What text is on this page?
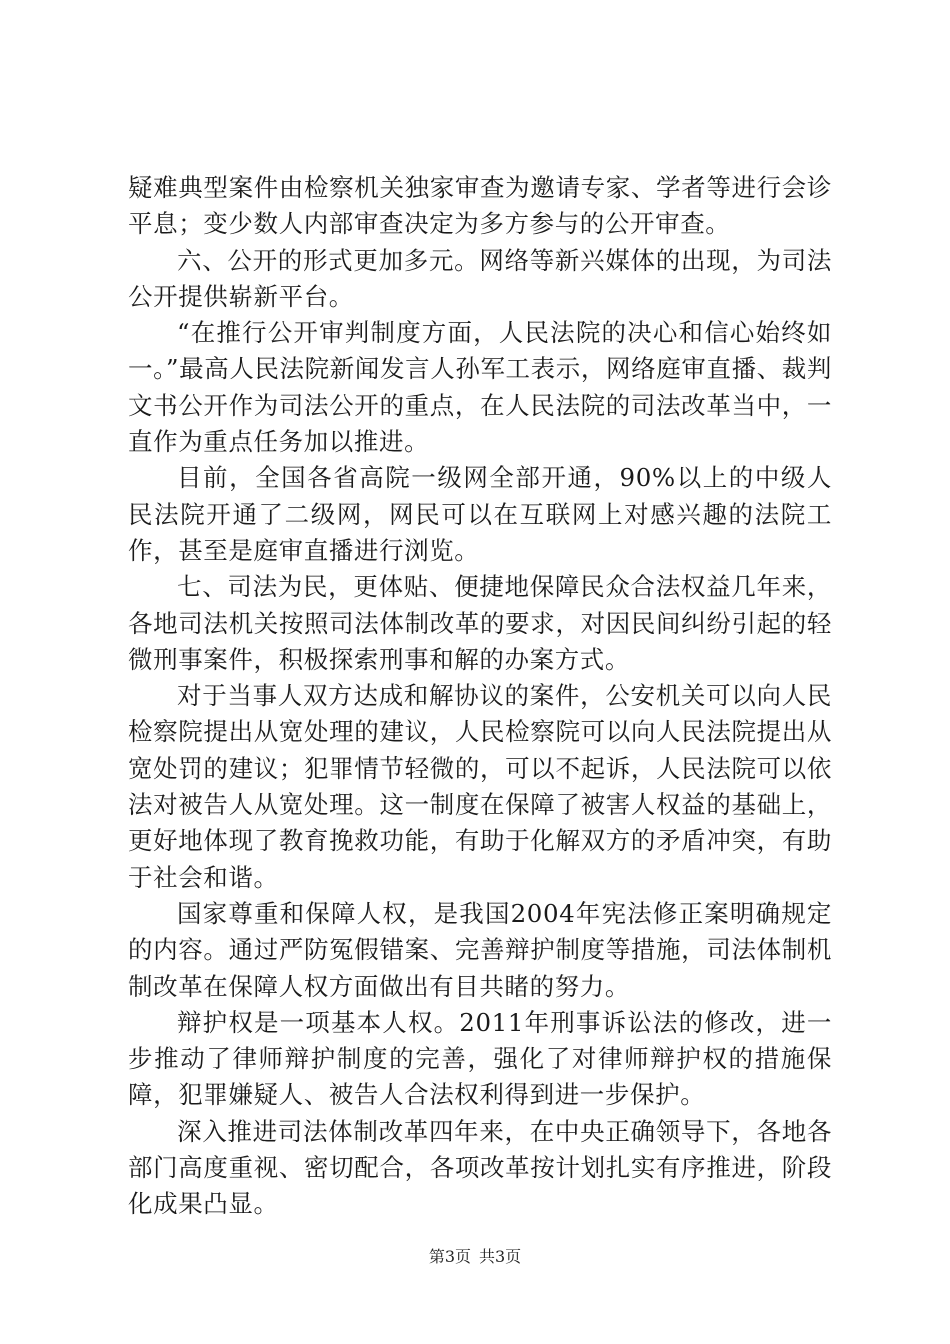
疑难典型案件由检察机关独家审查为邀请专家、学者等进行会诊平息；变少数人内部审查决定为多方参与的公开审查。

六、公开的形式更加多元。网络等新兴媒体的出现，为司法公开提供崭新平台。

“在推行公开审判制度方面，人民法院的决心和信心始终如一。”最高人民法院新闻发言人孙军工表示，网络庭审直播、裁判文书公开作为司法公开的重点，在人民法院的司法改革当中，一直作为重点任务加以推进。

目前，全国各省高院一级网全部开通，90%以上的中级人民法院开通了二级网，网民可以在互联网上对感兴趣的法院工作，甚至是庭审直播进行浏览。

七、司法为民，更体贴、便捷地保障民众合法权益几年来，各地司法机关按照司法体制改革的要求，对因民间纠纷引起的轻微刑事案件，积极探索刑事和解的办案方式。

对于当事人双方达成和解协议的案件，公安机关可以向人民检察院提出从宽处理的建议，人民检察院可以向人民法院提出从宽处罚的建议；犯罪情节轻微的，可以不起诉，人民法院可以依法对被告人从宽处理。这一制度在保障了被害人权益的基础上，更好地体现了教育挽救功能，有助于化解双方的矛盾冲突，有助于社会和谐。

国家尊重和保障人权，是我国2004年宪法修正案明确规定的内容。通过严防冤假错案、完善辩护制度等措施，司法体制机制改革在保障人权方面做出有目共睹的努力。

辩护权是一项基本人权。2011年刑事诉讼法的修改，进一步推动了律师辩护制度的完善，强化了对律师辩护权的措施保障，犯罪嫌疑人、被告人合法权利得到进一步保护。

深入推进司法体制改革四年来，在中央正确领导下，各地各部门高度重视、密切配合，各项改革按计划扎实有序推进，阶段化成果凸显。

第3页 共3页
